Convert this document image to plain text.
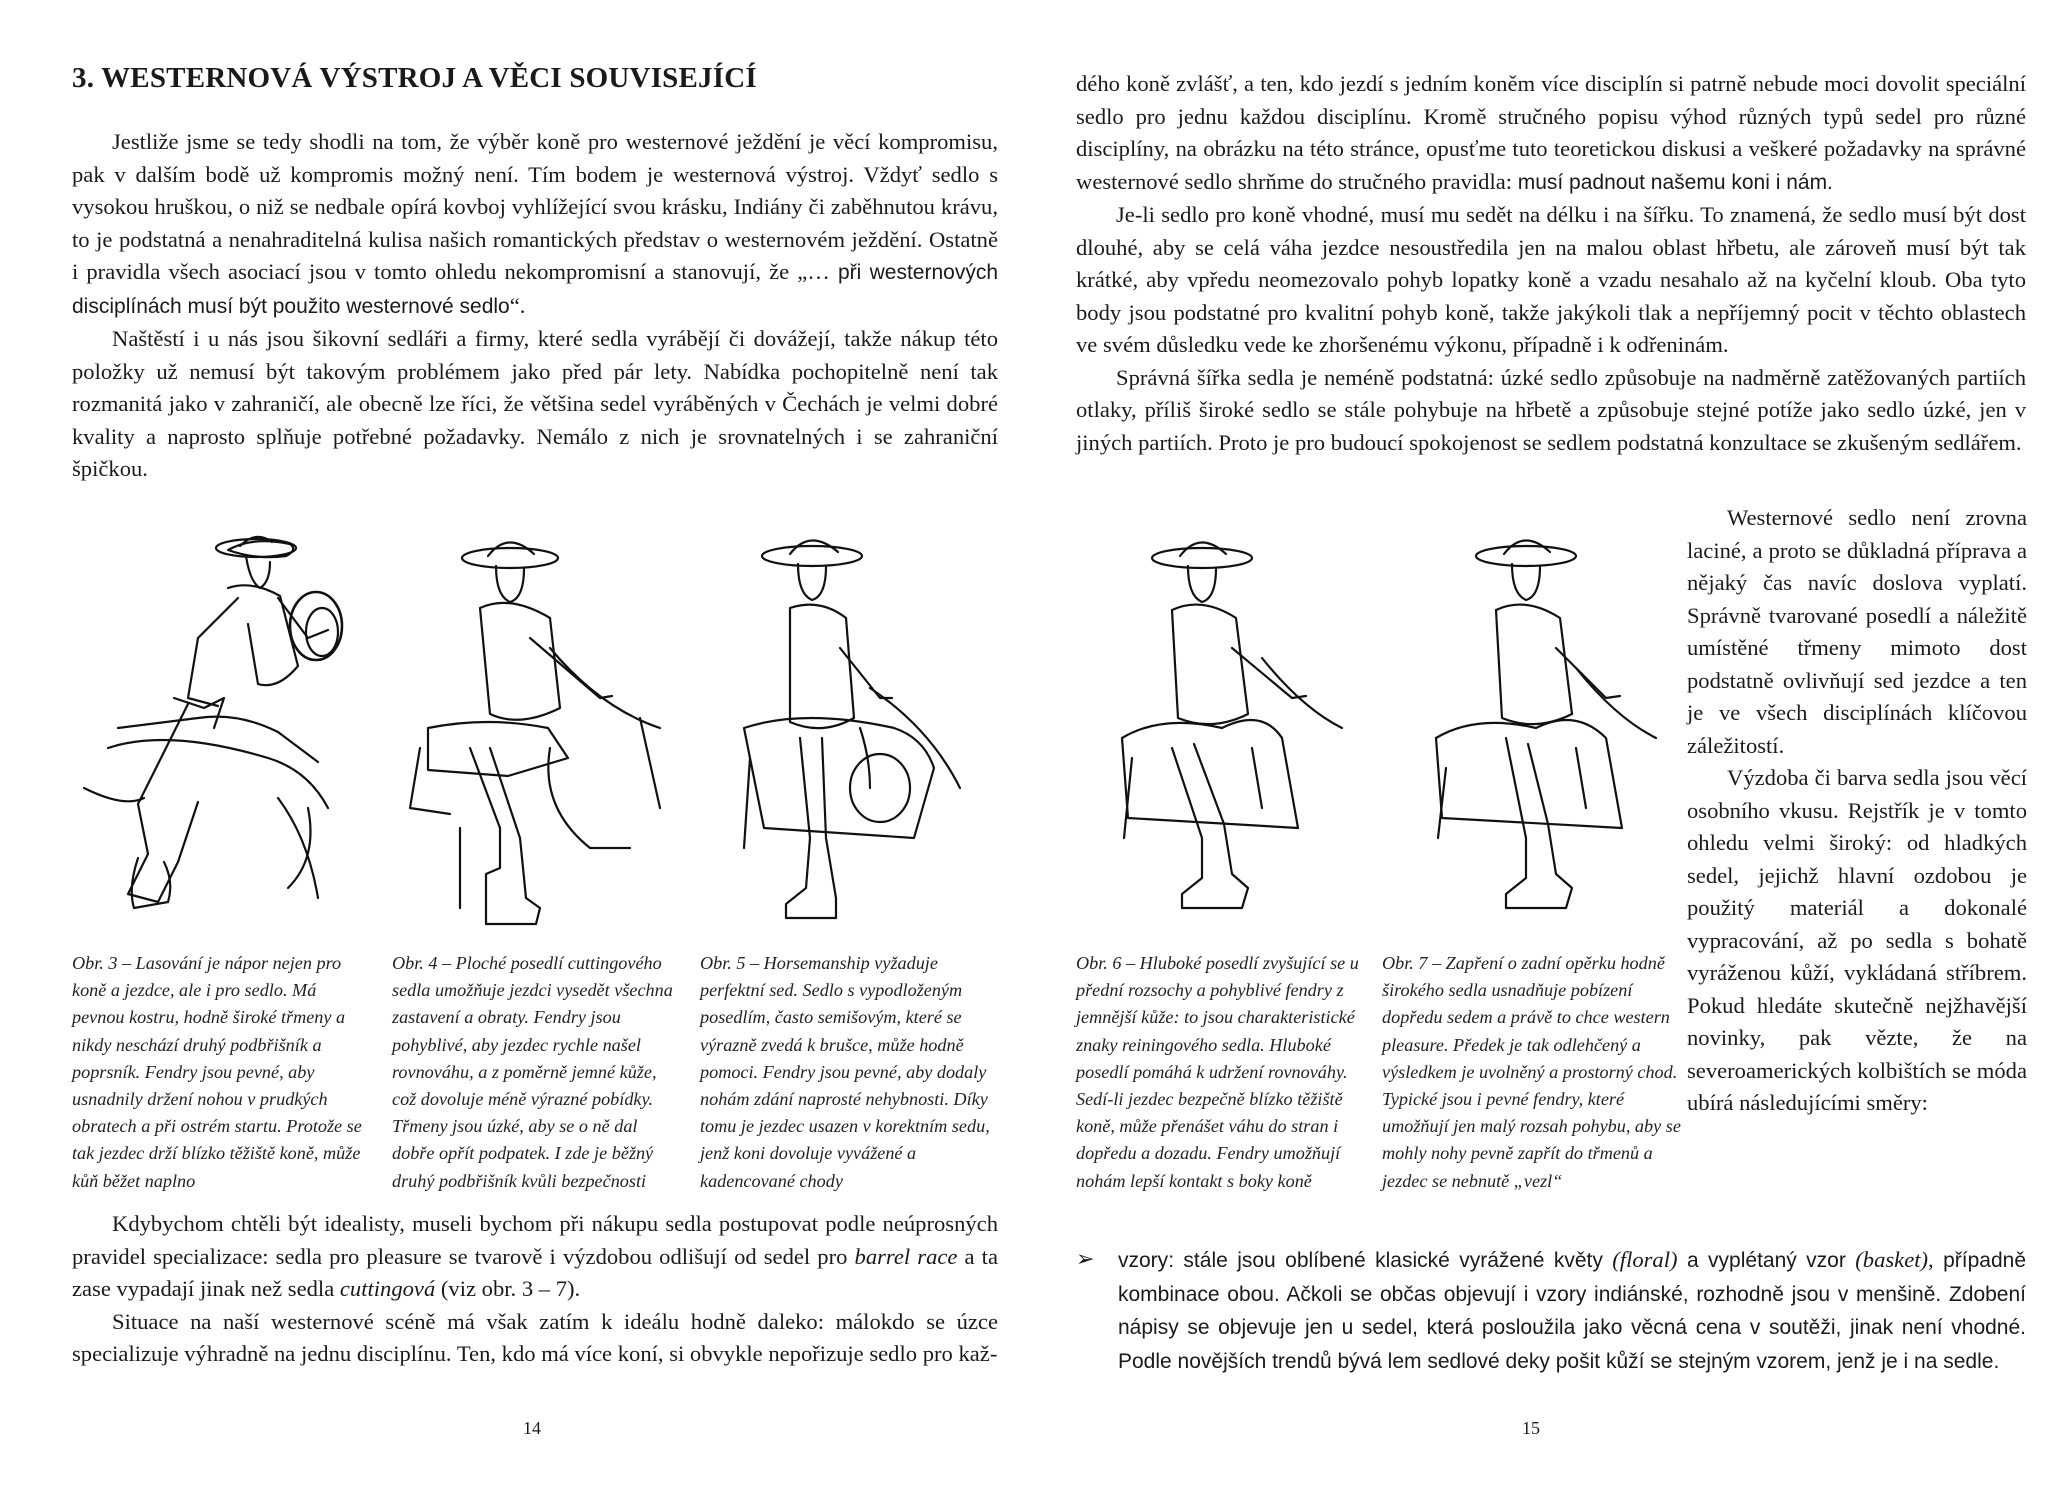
3. WESTERNOVÁ VÝSTROJ A VĚCI SOUVISEJÍCÍ

Jestliže jsme se tedy shodli na tom, že výběr koně pro westernové ježdění je věcí kompromisu, pak v dalším bodě už kompromis možný není. Tím bodem je westernová výstroj. Vždyť sedlo s vysokou hruškou, o niž se nedbale opírá kovboj vyhlížející svou krásku, Indiány či zaběhnutou krávu, to je podstatná a nenahraditelná kulisa našich romantických představ o westernovém ježdění. Ostatně i pravidla všech asociací jsou v tomto ohledu nekompromisní a stanovují, že „… při westernových disciplínách musí být použito westernové sedlo“.

Naštěstí i u nás jsou šikovní sedláři a firmy, které sedla vyrábějí či dovážejí, takže nákup této položky už nemusí být takovým problémem jako před pár lety. Nabídka pochopitelně není tak rozmanitá jako v zahraničí, ale obecně lze říci, že většina sedel vyráběných v Čechách je velmi dobré kvality a naprosto splňuje potřebné požadavky. Nemálo z nich je srovnatelných i se zahraniční špičkou.

Obr. 3 – Lasování je nápor nejen pro koně a jezdce, ale i pro sedlo. Má pevnou kostru, hodně široké třmeny a nikdy neschází druhý podbřišník a poprsník. Fendry jsou pevné, aby usnadnily držení nohou v prudkých obratech a při ostrém startu. Protože se tak jezdec drží blízko těžiště koně, může kůň běžet naplno

Obr. 4 – Ploché posedlí cuttingového sedla umožňuje jezdci vysedět všechna zastavení a obraty. Fendry jsou pohyblivé, aby jezdec rychle našel rovnováhu, a z poměrně jemné kůže, což dovoluje méně výrazné pobídky. Třmeny jsou úzké, aby se o ně dal dobře opřít podpatek. I zde je běžný druhý podbřišník kvůli bezpečnosti

Obr. 5 – Horsemanship vyžaduje perfektní sed. Sedlo s vypodloženým posedlím, často semišovým, které se výrazně zvedá k brušce, může hodně pomoci. Fendry jsou pevné, aby dodaly nohám zdání naprosté nehybnosti. Díky tomu je jezdec usazen v korektním sedu, jenž koni dovoluje vyvážené a kadencované chody

Kdybychom chtěli být idealisty, museli bychom při nákupu sedla postupovat podle neúprosných pravidel specializace: sedla pro pleasure se tvarově i výzdobou odlišují od sedel pro barrel race a ta zase vypadají jinak než sedla cuttingová (viz obr. 3 – 7).

Situace na naší westernové scéně má však zatím k ideálu hodně daleko: málokdo se úzce specializuje výhradně na jednu disciplínu. Ten, kdo má více koní, si obvykle nepořizuje sedlo pro kaž-

14

dého koně zvlášť, a ten, kdo jezdí s jedním koněm více disciplín si patrně nebude moci dovolit speciální sedlo pro jednu každou disciplínu. Kromě stručného popisu výhod různých typů sedel pro různé disciplíny, na obrázku na této stránce, opusťme tuto teoretickou diskusi a veškeré požadavky na správné westernové sedlo shrňme do stručného pravidla: musí padnout našemu koni i nám.

Je-li sedlo pro koně vhodné, musí mu sedět na délku i na šířku. To znamená, že sedlo musí být dost dlouhé, aby se celá váha jezdce nesoustředila jen na malou oblast hřbetu, ale zároveň musí být tak krátké, aby vpředu neomezovalo pohyb lopatky koně a vzadu nesahalo až na kyčelní kloub. Oba tyto body jsou podstatné pro kvalitní pohyb koně, takže jakýkoli tlak a nepříjemný pocit v těchto oblastech ve svém důsledku vede ke zhoršenému výkonu, případně i k odřeninám.

Správná šířka sedla je neméně podstatná: úzké sedlo způsobuje na nadměrně zatěžovaných partiích otlaky, příliš široké sedlo se stále pohybuje na hřbetě a způsobuje stejné potíže jako sedlo úzké, jen v jiných partiích. Proto je pro budoucí spokojenost se sedlem podstatná konzultace se zkušeným sedlářem.

Obr. 6 – Hluboké posedlí zvyšující se u přední rozsochy a pohyblivé fendry z jemnější kůže: to jsou charakteristické znaky reiningového sedla. Hluboké posedlí pomáhá k udržení rovnováhy. Sedí-li jezdec bezpečně blízko těžiště koně, může přenášet váhu do stran i dopředu a dozadu. Fendry umožňují nohám lepší kontakt s boky koně

Obr. 7 – Zapření o zadní opěrku hodně širokého sedla usnadňuje pobízení dopředu sedem a právě to chce western pleasure. Předek je tak odlehčený a výsledkem je uvolněný a prostorný chod. Typické jsou i pevné fendry, které umožňují jen malý rozsah pohybu, aby se mohly nohy pevně zapřít do třmenů a jezdec se nebnutě „vezl“

Westernové sedlo není zrovna laciné, a proto se důkladná příprava a nějaký čas navíc doslova vyplatí. Správně tvarované posedlí a náležitě umístěné třmeny mimoto dost podstatně ovlivňují sed jezdce a ten je ve všech disciplínách klíčovou záležitostí.

Výzdoba či barva sedla jsou věcí osobního vkusu. Rejstřík je v tomto ohledu velmi široký: od hladkých sedel, jejichž hlavní ozdobou je použitý materiál a dokonalé vypracování, až po sedla s bohatě vyráženou kůží, vykládaná stříbrem. Pokud hledáte skutečně nejžhavější novinky, pak vězte, že na severoamerických kolbištích se móda ubírá následujícími směry:

➢ vzory: stále jsou oblíbené klasické vyrážené květy (floral) a vyplétaný vzor (basket), případně kombinace obou. Ačkoli se občas objevují i vzory indiánské, rozhodně jsou v menšině. Zdobení nápisy se objevuje jen u sedel, která posloužila jako věcná cena v soutěži, jinak není vhodné. Podle novějších trendů bývá lem sedlové deky pošit kůží se stejným vzorem, jenž je i na sedle.
15
